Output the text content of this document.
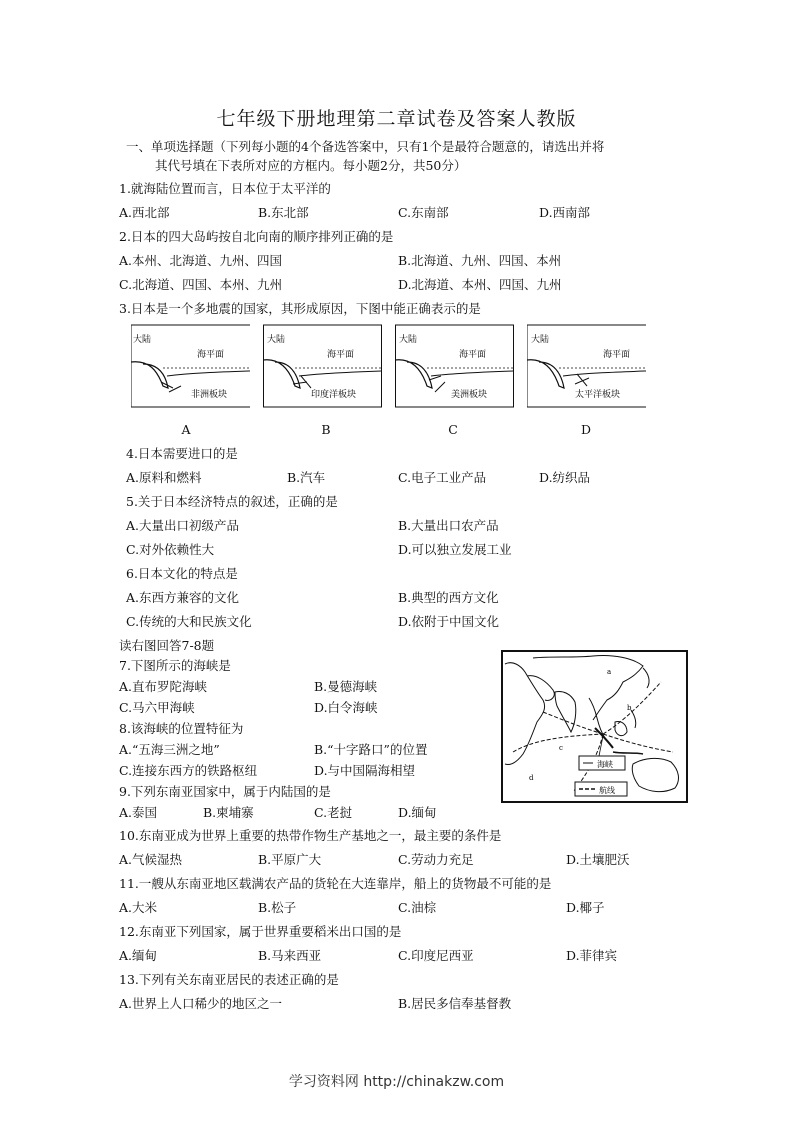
七年级下册地理第二章试卷及答案人教版
一、单项选择题（下列每小题的4个备选答案中，只有1个是最符合题意的，请选出并将
其代号填在下表所对应的方框内。每小题2分，共50分）
1.就海陆位置而言，日本位于太平洋的
A.西北部	B.东北部	C.东南部	D.西南部
2.日本的四大岛屿按自北向南的顺序排列正确的是
A.本州、北海道、九州、四国	B.北海道、九州、四国、本州
C.北海道、四国、本州、九州	D.北海道、本州、四国、九州
3.日本是一个多地震的国家，其形成原因，下图中能正确表示的是
大陆
海平面
非洲板块
大陆
海平面
印度洋板块
大陆
海平面
美洲板块
大陆
海平面
太平洋板块
A	B	C	D
4.日本需要进口的是
A.原料和燃料	B.汽车	C.电子工业产品	D.纺织品
5.关于日本经济特点的叙述，正确的是
A.大量出口初级产品	B.大量出口农产品
C.对外依赖性大	D.可以独立发展工业
6.日本文化的特点是
A.东西方兼容的文化	B.典型的西方文化
C.传统的大和民族文化	D.依附于中国文化
读右图回答7-8题
7.下图所示的海峡是
A.直布罗陀海峡	B.曼德海峡
C.马六甲海峡	D.白令海峡
8.该海峡的位置特征为
A.“五海三洲之地”	B.“十字路口”的位置
C.连接东西方的铁路枢纽	D.与中国隔海相望
9.下列东南亚国家中，属于内陆国的是
A.泰国	B.柬埔寨	C.老挝	D.缅甸
海峡
航线
a
b
c
d
10.东南亚成为世界上重要的热带作物生产基地之一，最主要的条件是
A.气候湿热	B.平原广大	C.劳动力充足	D.土壤肥沃
11.一艘从东南亚地区载满农产品的货轮在大连靠岸，船上的货物最不可能的是
A.大米	B.松子	C.油棕	D.椰子
12.东南亚下列国家，属于世界重要稻米出口国的是
A.缅甸	B.马来西亚	C.印度尼西亚	D.菲律宾
13.下列有关东南亚居民的表述正确的是
A.世界上人口稀少的地区之一	B.居民多信奉基督教
学习资料网 http://chinakzw.com
